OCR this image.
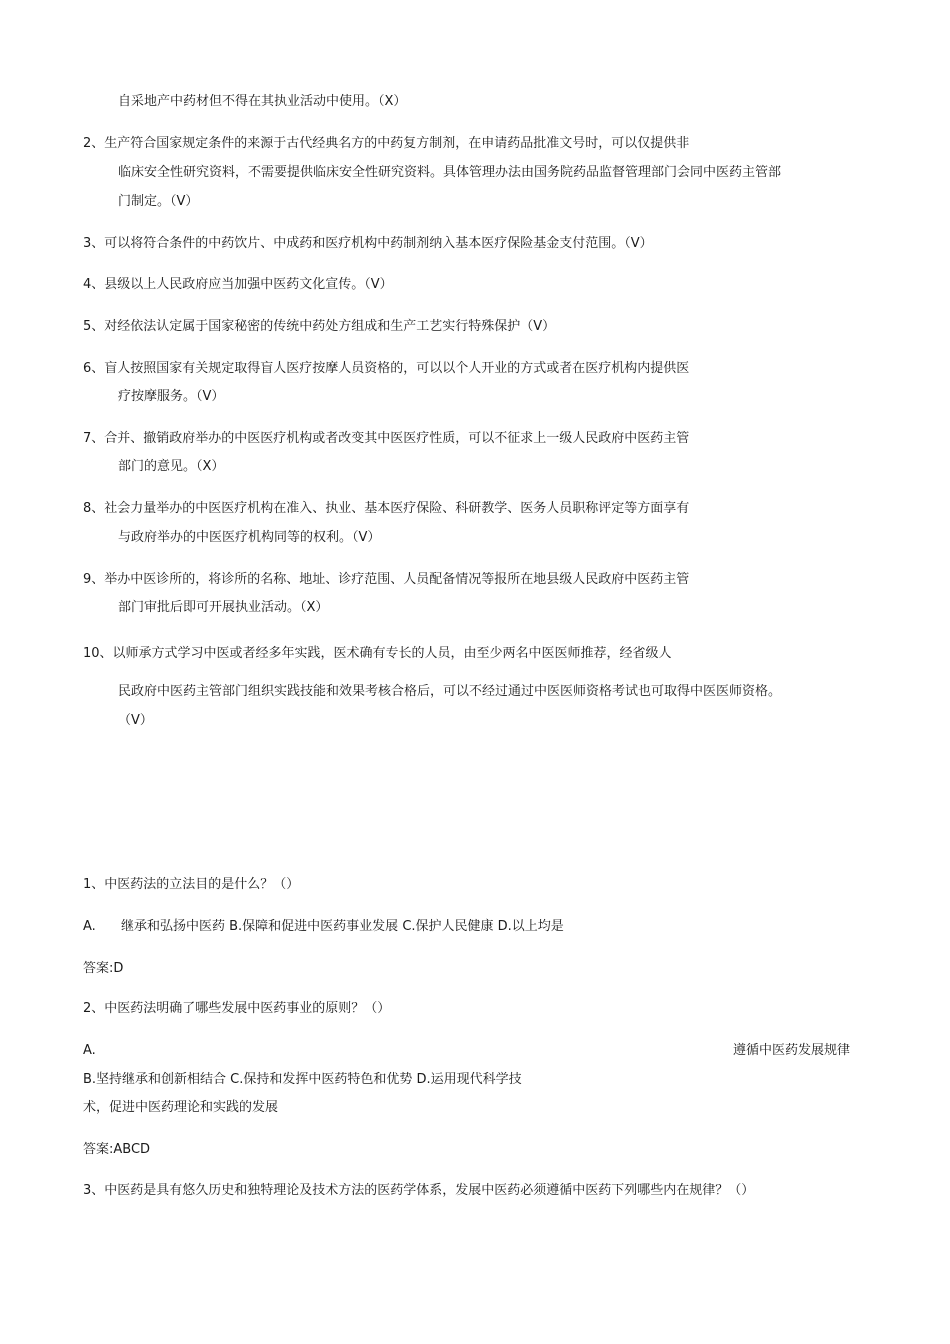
自采地产中药材但不得在其执业活动中使用。（X）
2、生产符合国家规定条件的来源于古代经典名方的中药复方制剂，在申请药品批准文号时，可以仅提供非
临床安全性研究资料，不需要提供临床安全性研究资料。具体管理办法由国务院药品监督管理部门会同中医药主管部
门制定。（V）
3、可以将符合条件的中药饮片、中成药和医疗机构中药制剂纳入基本医疗保险基金支付范围。（V）
4、县级以上人民政府应当加强中医药文化宣传。（V）
5、对经依法认定属于国家秘密的传统中药处方组成和生产工艺实行特殊保护（V）
6、盲人按照国家有关规定取得盲人医疗按摩人员资格的，可以以个人开业的方式或者在医疗机构内提供医
疗按摩服务。（V）
7、合并、撤销政府举办的中医医疗机构或者改变其中医医疗性质，可以不征求上一级人民政府中医药主管
部门的意见。（X）
8、社会力量举办的中医医疗机构在准入、执业、基本医疗保险、科研教学、医务人员职称评定等方面享有
与政府举办的中医医疗机构同等的权利。（V）
9、举办中医诊所的，将诊所的名称、地址、诊疗范围、人员配备情况等报所在地县级人民政府中医药主管
部门审批后即可开展执业活动。（X）
10、以师承方式学习中医或者经多年实践，医术确有专长的人员，由至少两名中医医师推荐，经省级人
民政府中医药主管部门组织实践技能和效果考核合格后，可以不经过通过中医医师资格考试也可取得中医医师资格。
（V）
1、中医药法的立法目的是什么？（）
A. 继承和弘扬中医药 B.保障和促进中医药事业发展 C.保护人民健康 D.以上均是
答案:D
2、中医药法明确了哪些发展中医药事业的原则？（）
A.	遵循中医药发展规律
B.坚持继承和创新相结合 C.保持和发挥中医药特色和优势 D.运用现代科学技
术，促进中医药理论和实践的发展
答案:ABCD
3、中医药是具有悠久历史和独特理论及技术方法的医药学体系，发展中医药必须遵循中医药下列哪些内在规律？（）
